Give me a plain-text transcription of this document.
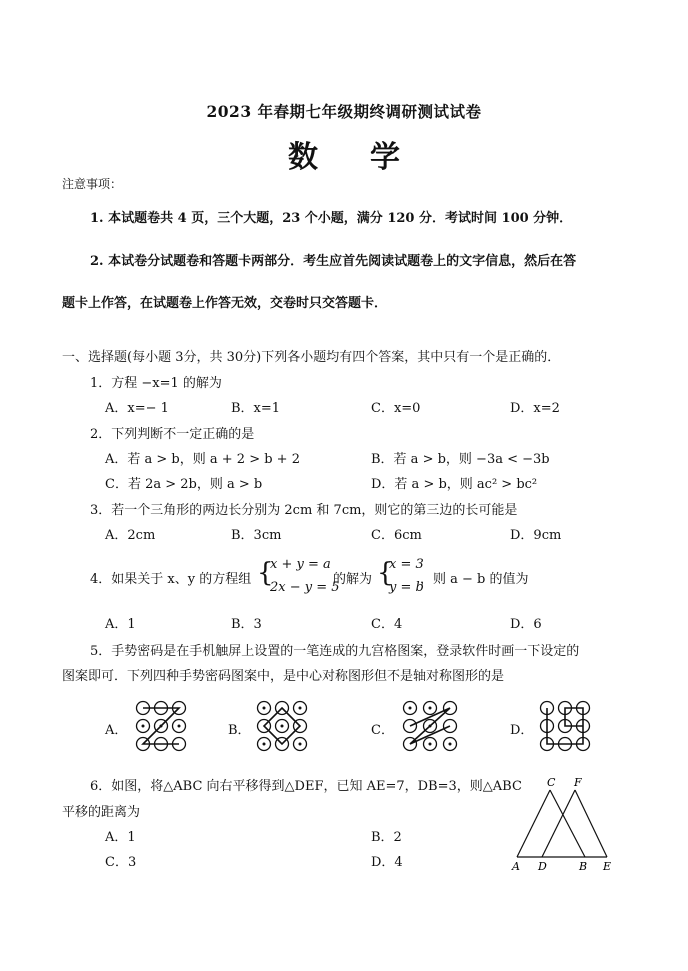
2023 年春期七年级期终调研测试试卷
数学
注意事项：
1. 本试题卷共 4 页，三个大题，23 个小题，满分 120 分．考试时间 100 分钟．
2. 本试卷分试题卷和答题卡两部分．考生应首先阅读试题卷上的文字信息，然后在答
题卡上作答，在试题卷上作答无效，交卷时只交答题卡．
一、选择题(每小题 3分，共 30分)下列各小题均有四个答案，其中只有一个是正确的．
1．方程 −x=1 的解为
A．x=− 1	B．x=1	C．x=0	D．x=2
2．下列判断不一定正确的是
A．若 a > b，则 a + 2 > b + 2	B．若 a > b，则 −3a < −3b
C．若 2a > 2b，则 a > b	D．若 a > b，则 ac² > bc²
3．若一个三角形的两边长分别为 2cm 和 7cm，则它的第三边的长可能是
A．2cm	B．3cm	C．6cm	D．9cm
4．如果关于 x、y 的方程组 {
x + y = a
2x − y = 5
的解为 {
x = 3
y = b
，则 a − b 的值为
A．1	B．3	C．4	D．6
5．手势密码是在手机触屏上设置的一笔连成的九宫格图案，登录软件时画一下设定的
图案即可．下列四种手势密码图案中，是中心对称图形但不是轴对称图形的是
A．	B．	C．	D．
6．如图，将△ABC 向右平移得到△DEF，已知 AE=7，DB=3，则△ABC
平移的距离为
A．1	B．2
C．3	D．4
C F
A D	B E
